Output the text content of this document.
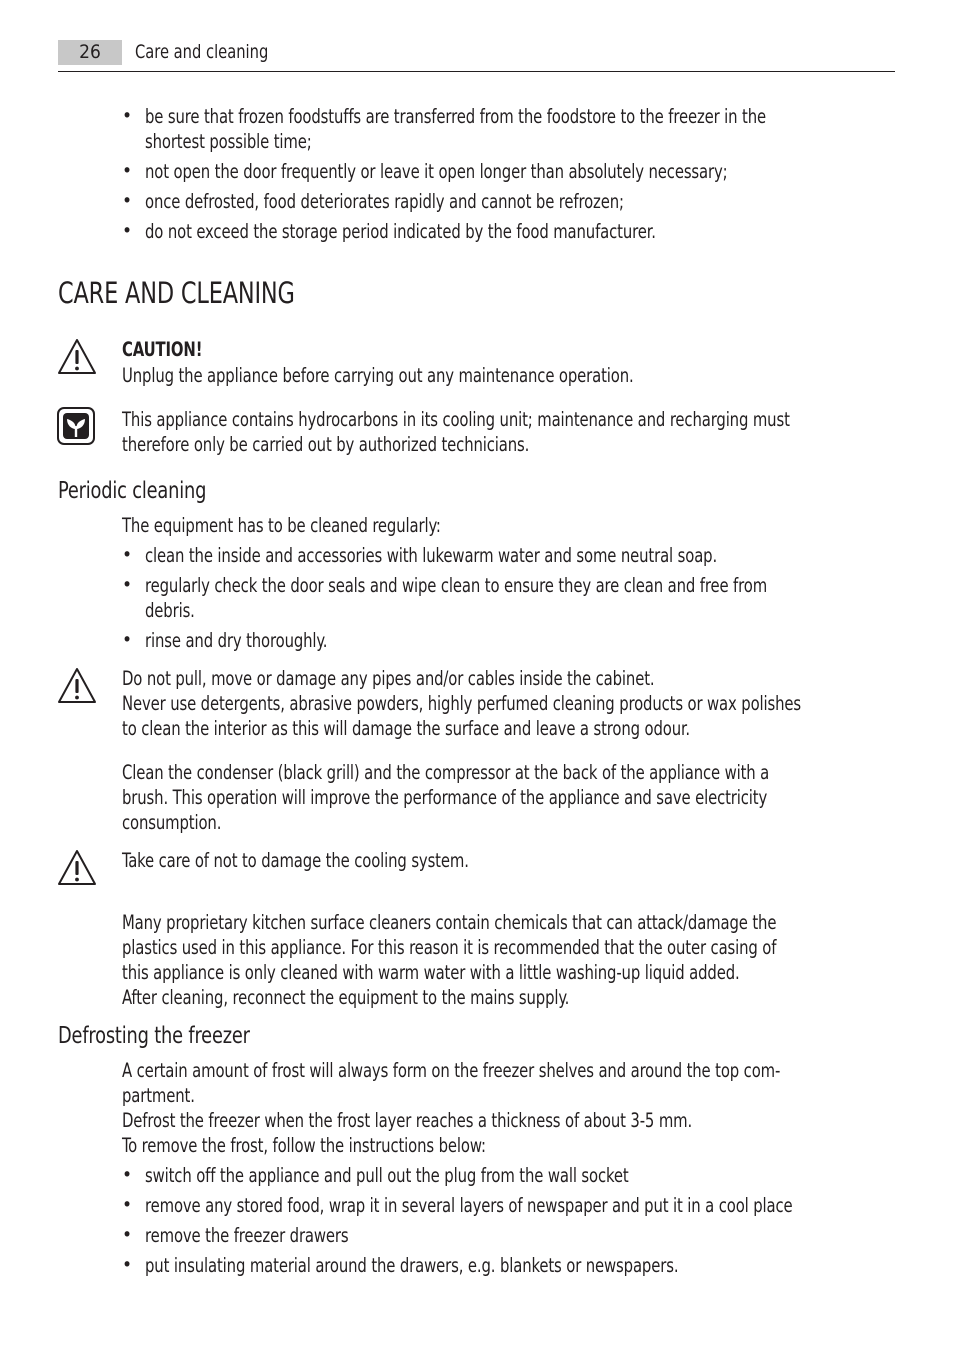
26	Care and cleaning
• be sure that frozen foodstuffs are transferred from the foodstore to the freezer in the
shortest possible time;
• not open the door frequently or leave it open longer than absolutely necessary;
• once defrosted, food deteriorates rapidly and cannot be refrozen;
• do not exceed the storage period indicated by the food manufacturer.
CARE AND CLEANING
CAUTION!
Unplug the appliance before carrying out any maintenance operation.
This appliance contains hydrocarbons in its cooling unit; maintenance and recharging must
therefore only be carried out by authorized technicians.
Periodic cleaning
The equipment has to be cleaned regularly:
• clean the inside and accessories with lukewarm water and some neutral soap.
• regularly check the door seals and wipe clean to ensure they are clean and free from
debris.
• rinse and dry thoroughly.
Do not pull, move or damage any pipes and/or cables inside the cabinet.
Never use detergents, abrasive powders, highly perfumed cleaning products or wax polishes
to clean the interior as this will damage the surface and leave a strong odour.
Clean the condenser (black grill) and the compressor at the back of the appliance with a
brush. This operation will improve the performance of the appliance and save electricity
consumption.
Take care of not to damage the cooling system.
Many proprietary kitchen surface cleaners contain chemicals that can attack/damage the
plastics used in this appliance. For this reason it is recommended that the outer casing of
this appliance is only cleaned with warm water with a little washing-up liquid added.
After cleaning, reconnect the equipment to the mains supply.
Defrosting the freezer
A certain amount of frost will always form on the freezer shelves and around the top com-
partment.
Defrost the freezer when the frost layer reaches a thickness of about 3-5 mm.
To remove the frost, follow the instructions below:
• switch off the appliance and pull out the plug from the wall socket
• remove any stored food, wrap it in several layers of newspaper and put it in a cool place
• remove the freezer drawers
• put insulating material around the drawers, e.g. blankets or newspapers.
